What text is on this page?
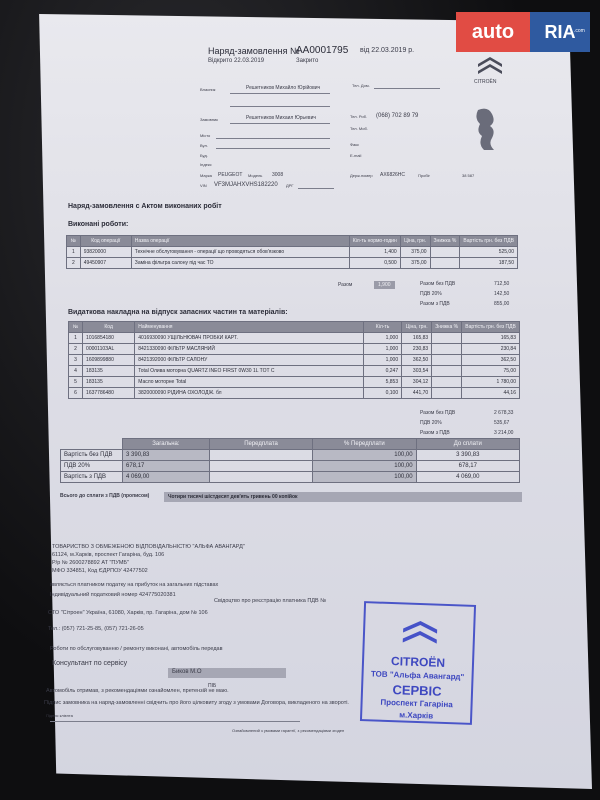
auto	RIA
.com
Наряд-замовлення №
AA0001795 від 22.03.2019 р.
Відкрито 22.03.2019	Закрито
CITROËN
Власник	Решетников Михайло Юрійович	Тел. Дом.
Замовник	Решетников Михаил Юрьевич	Тел. Роб. (068) 702 89 79
Тел. Моб.
Місто
Вул.	Факс
Буд.	E-mail
Індекс
Марка PEUGEOT Модель 3008	Держ.номер АХ6826НС	Пробіг	38 587
VIN VF3MJAHXVHS182220 ДРГ
Наряд-замовлення с Актом виконаних робіт
Виконані роботи:
№	Код операції	Назва операції	Кіл-ть нормо-годин	Ціна, грн.	Знижка %	Вартість грн. без ПДВ
1	93820000	Технічне обслуговування - операції що проводяться обов'язково	1,400	375,00		525,00
2	49450907	Заміна фільтра салону під час ТО	0,500	375,00		187,50
Разом	1,900	Разом без ПДВ	712,50
ПДВ 20%	142,50
Разом з ПДВ	855,00
Видаткова накладна на відпуск запасних частин та матеріалів:
№	Код	Найменування	Кіл-ть	Ціна, грн.	Знижка %	Вартість грн. без ПДВ
1	1016854180	4016930090 УЩІЛЬНЮВАЧ ПРОБКИ КАРТ.	1,000	165,83		165,83
2	0000110ЗАL	8421330090 ФІЛЬТР МАСЛЯНИЙ	1,000	230,83		230,84
3	1609899880	8421392000 ФІЛЬТР САЛОНУ	1,000	362,50		362,50
4	183135	Total Олива моторна QUARTZ INEO FIRST 0W30 1L TOT С	0,247	303,54		75,00
5	183135	Масло моторне Total	5,853	304,12		1 780,00
6	1637786480	3820000090 РІДИНА ОХОЛОДЖ. бл	0,100	441,70		44,16
Разом без ПДВ	2 678,33
ПДВ 20%	535,67
Разом з ПДВ	3 214,00
	Загальна:	Передплата	% Передплати	До сплати
Вартість без ПДВ	3 390,83		100,00	3 390,83
ПДВ 20%	678,17		100,00	678,17
Вартість з ПДВ	4 069,00		100,00	4 069,00
Всього до сплати з ПДВ (прописом)	Чотири тисячі шістдесят дев'ять гривень 00 копійок
ТОВАРИСТВО З ОБМЕЖЕНОЮ ВІДПОВІДАЛЬНІСТЮ "АЛЬФА АВАНГАРД"
61124, м.Харків, проспект Гагаріна, буд. 106
Р/р № 2600278892 АТ "ПУМБ"
МФО 334851, Код ЄДРПОУ 42477502
являється платником податку на прибуток на загальних підставах
Індивідуальний податковий номер 424775020381
Свідоцтво про реєстрацію платника ПДВ №
СТО "Сітроен" Україна, 61080, Харків, пр. Гагаріна, дом № 106
Тел.: (057) 721-25-85, (057) 721-26-05
Роботи по обслуговуванню / ремонту виконані, автомобіль передав
Консультант по сервісу
Биков М.О
ПІБ
Автомобіль отримав, з рекомендаціями ознайомлен, претензій не маю.
Підпис замовника на наряд-замовленні свідчить про його цілковиту згоду з умовами Договора, викладеного на звороті.
Підпис клієнта
Ознайомлений з умовами гарантії, з рекомендаціями згоден
CITROËN
ТОВ "Альфа Авангард"
СЕРВІС
Проспект Гагаріна
м.Харків
